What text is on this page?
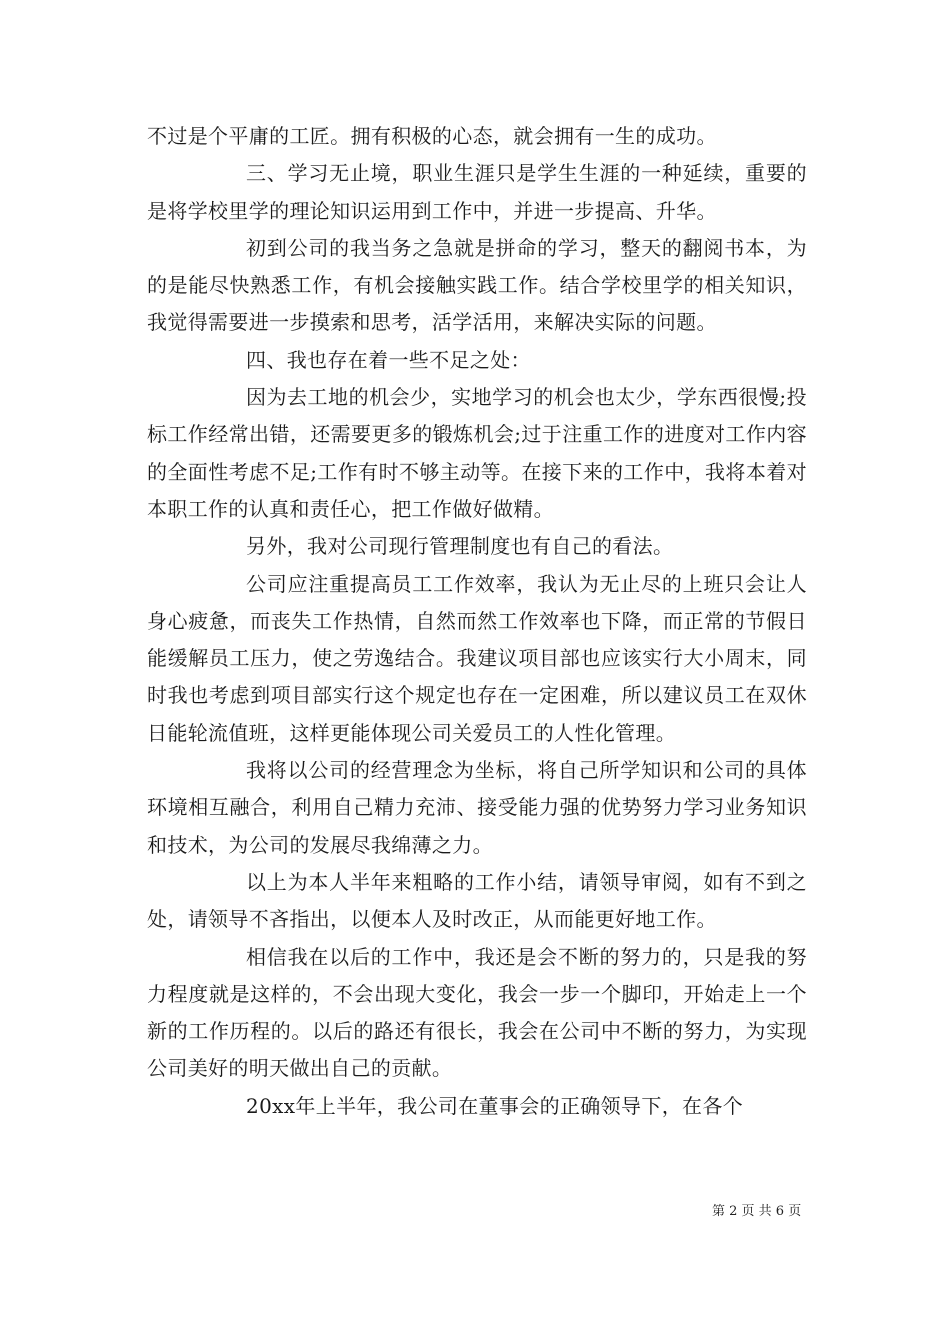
不过是个平庸的工匠。拥有积极的心态，就会拥有一生的成功。

三、学习无止境，职业生涯只是学生生涯的一种延续，重要的是将学校里学的理论知识运用到工作中，并进一步提高、升华。

初到公司的我当务之急就是拼命的学习，整天的翻阅书本，为的是能尽快熟悉工作，有机会接触实践工作。结合学校里学的相关知识，我觉得需要进一步摸索和思考，活学活用，来解决实际的问题。

四、我也存在着一些不足之处：

因为去工地的机会少，实地学习的机会也太少，学东西很慢;投标工作经常出错，还需要更多的锻炼机会;过于注重工作的进度对工作内容的全面性考虑不足;工作有时不够主动等。在接下来的工作中，我将本着对本职工作的认真和责任心，把工作做好做精。

另外，我对公司现行管理制度也有自己的看法。

公司应注重提高员工工作效率，我认为无止尽的上班只会让人身心疲惫，而丧失工作热情，自然而然工作效率也下降，而正常的节假日能缓解员工压力，使之劳逸结合。我建议项目部也应该实行大小周末，同时我也考虑到项目部实行这个规定也存在一定困难，所以建议员工在双休日能轮流值班，这样更能体现公司关爱员工的人性化管理。

我将以公司的经营理念为坐标，将自己所学知识和公司的具体环境相互融合，利用自己精力充沛、接受能力强的优势努力学习业务知识和技术，为公司的发展尽我绵薄之力。

以上为本人半年来粗略的工作小结，请领导审阅，如有不到之处，请领导不吝指出，以便本人及时改正，从而能更好地工作。

相信我在以后的工作中，我还是会不断的努力的，只是我的努力程度就是这样的，不会出现大变化，我会一步一个脚印，开始走上一个新的工作历程的。以后的路还有很长，我会在公司中不断的努力，为实现公司美好的明天做出自己的贡献。

20xx年上半年，我公司在董事会的正确领导下，在各个

第 2 页 共 6 页
